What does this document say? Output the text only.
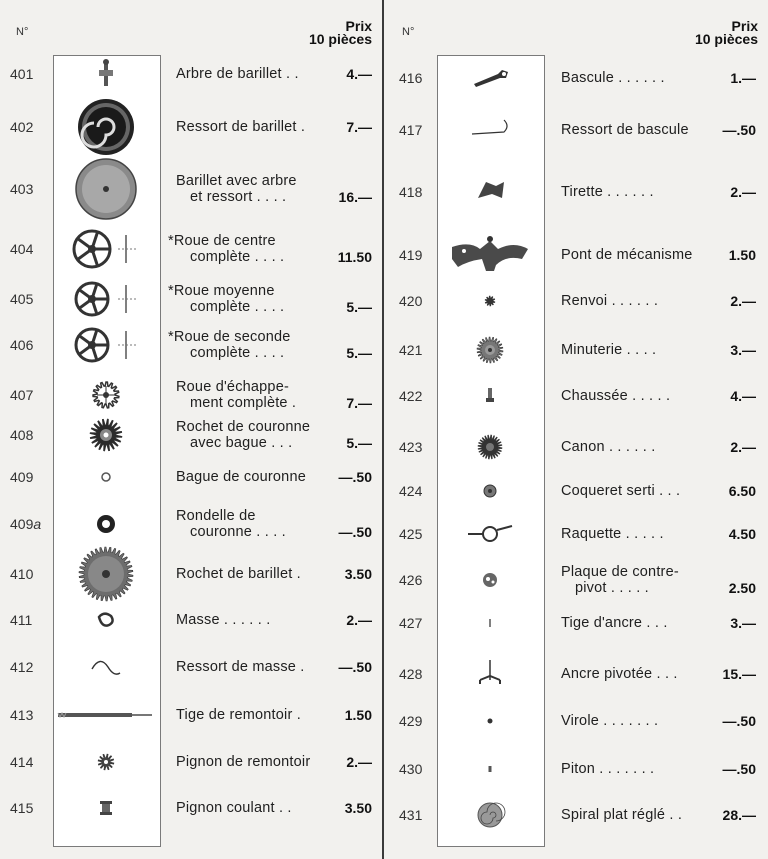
N°	Prix
10 pièces	N°	Prix
10 pièces
401	Arbre de barillet . .	4.—
402	Ressort de barillet .	7.—
403	Barillet avec arbre
et ressort . . . .	16.—
404	*Roue de centre
complète . . . .	11.50
405	*Roue moyenne
complète . . . .	5.—
406	*Roue de seconde
complète . . . .	5.—
407	Roue d'échappe-
ment complète .	7.—
408	Rochet de couronne
avec bague . . .	5.—
409	Bague de couronne	—.50
409a	Rondelle de
couronne . . . .	—.50
410	Rochet de barillet .	3.50
411	Masse . . . . . .	2.—
412	Ressort de masse .	—.50
413	Tige de remontoir .	1.50
414	Pignon de remontoir	2.—
415	Pignon coulant . .	3.50
416	Bascule . . . . . .	1.—
417	Ressort de bascule	—.50
418	Tirette . . . . . .	2.—
419	Pont de mécanisme	1.50
420	Renvoi . . . . . .	2.—
421	Minuterie . . . .	3.—
422	Chaussée . . . . .	4.—
423	Canon . . . . . .	2.—
424	Coqueret serti . . .	6.50
425	Raquette . . . . .	4.50
426	Plaque de contre-
pivot . . . . .	2.50
427	Tige d'ancre . . .	3.—
428	Ancre pivotée . . .	15.—
429	Virole . . . . . . .	—.50
430	Piton . . . . . . .	—.50
431	Spiral plat réglé . .	28.—
